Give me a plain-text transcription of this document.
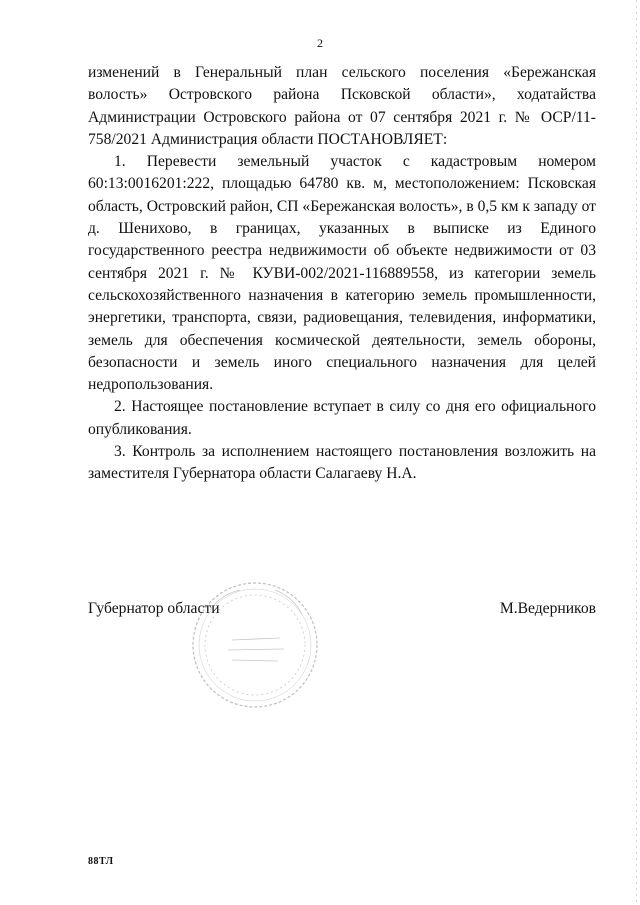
2

изменений в Генеральный план сельского поселения «Бережанская волость» Островского района Псковской области», ходатайства Администрации Островского района от 07 сентября 2021 г. № ОСР/11-758/2021 Администрация области ПОСТАНОВЛЯЕТ:

1. Перевести земельный участок с кадастровым номером 60:13:0016201:222, площадью 64780 кв. м, местоположением: Псковская область, Островский район, СП «Бережанская волость», в 0,5 км к западу от д. Шенихово, в границах, указанных в выписке из Единого государственного реестра недвижимости об объекте недвижимости от 03 сентября 2021 г. № КУВИ-002/2021-116889558, из категории земель сельскохозяйственного назначения в категорию земель промышленности, энергетики, транспорта, связи, радиовещания, телевидения, информатики, земель для обеспечения космической деятельности, земель обороны, безопасности и земель иного специального назначения для целей недропользования.

2. Настоящее постановление вступает в силу со дня его официального опубликования.

3. Контроль за исполнением настоящего постановления возложить на заместителя Губернатора области Салагаеву Н.А.

Губернатор области	М.Ведерников
88ТЛ
